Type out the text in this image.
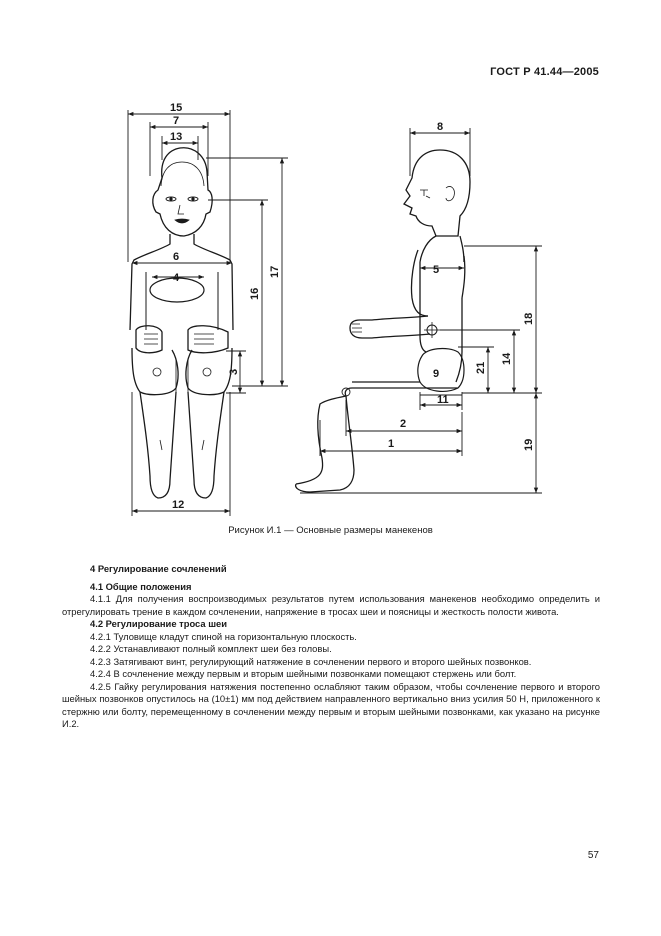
ГОСТ Р 41.44—2005
15
7
13
6
4
16
17
3
12
8
5
9
18
14
21
11
2
1	19
Рисунок И.1 — Основные размеры манекенов

4 Регулирование сочленений

4.1 Общие положения

4.1.1 Для получения воспроизводимых результатов путем использования манекенов необходимо определить и отрегулировать трение в каждом сочленении, напряжение в тросах шеи и поясницы и жесткость полости живота.

4.2 Регулирование троса шеи

4.2.1 Туловище кладут спиной на горизонтальную плоскость.

4.2.2 Устанавливают полный комплект шеи без головы.

4.2.3 Затягивают винт, регулирующий натяжение в сочленении первого и второго шейных позвонков.

4.2.4 В сочленение между первым и вторым шейными позвонками помещают стержень или болт.

4.2.5 Гайку регулирования натяжения постепенно ослабляют таким образом, чтобы сочленение первого и второго шейных позвонков опустилось на (10±1) мм под действием направленного вертикально вниз усилия 50 Н, приложенного к стержню или болту, перемещенному в сочленении между первым и вторым шейными позвонками, как указано на рисунке И.2.

57
